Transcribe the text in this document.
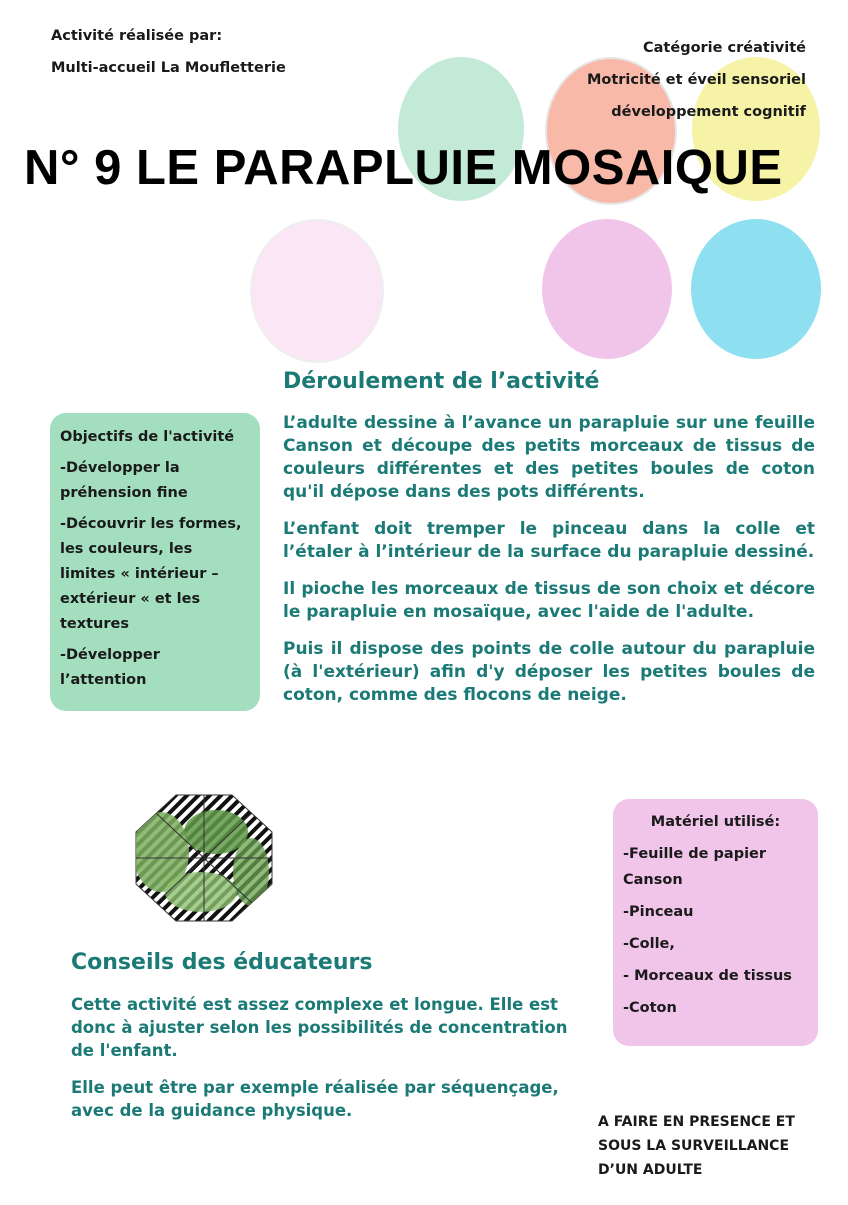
Activité réalisée par:
Multi-accueil La Moufletterie
Catégorie créativité
Motricité et éveil sensoriel
développement cognitif
N° 9 LE PARAPLUIE MOSAIQUE
Déroulement de l’activité

Objectifs de l'activité

-Développer la préhension fine

-Découvrir les formes, les couleurs, les limites « intérieur – extérieur « et les textures

-Développer l’attention

L’adulte dessine à l’avance un parapluie sur une feuille Canson et découpe des petits morceaux de tissus de couleurs différentes et des petites boules de coton qu'il dépose dans des pots différents.

L’enfant doit tremper le pinceau dans la colle et l’étaler à l’intérieur de la surface du parapluie dessiné.

Il pioche les morceaux de tissus de son choix et décore le parapluie en mosaïque, avec l'aide de l'adulte.

Puis il dispose des points de colle autour du parapluie (à l'extérieur) afin d'y déposer les petites boules de coton, comme des flocons de neige.

Matériel utilisé:

-Feuille de papier Canson

-Pinceau

-Colle,

- Morceaux de tissus

-Coton

Conseils des éducateurs

Cette activité est assez complexe et longue. Elle est donc à ajuster selon les possibilités de concentration de l'enfant.

Elle peut être par exemple réalisée par séquençage, avec de la guidance physique.

A FAIRE EN PRESENCE ET
SOUS LA SURVEILLANCE
D’UN ADULTE
